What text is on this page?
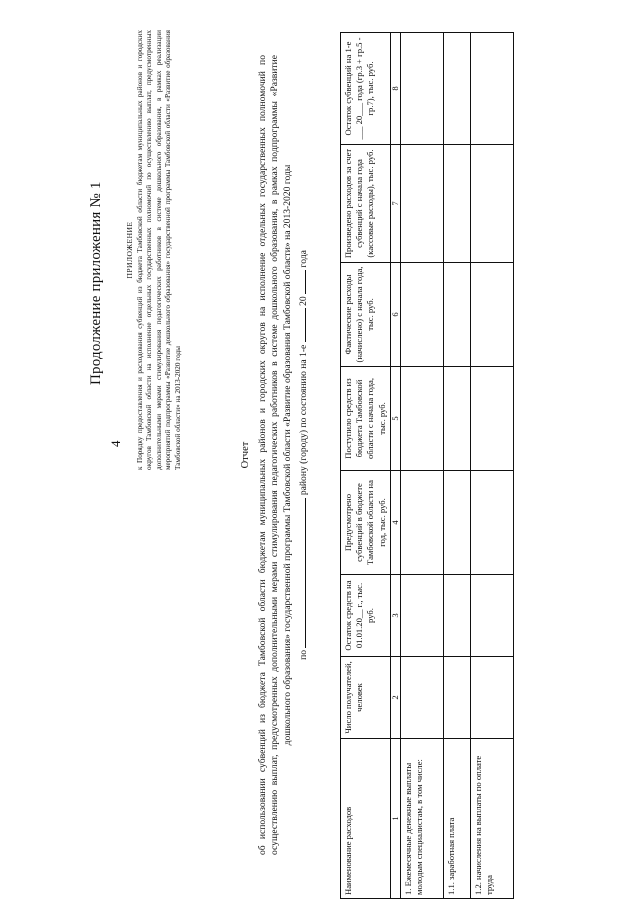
4
Продолжение приложения № 1	ПРИЛОЖЕНИЕ к Порядку предоставления и расходования субвенций из бюджета Тамбовской области бюджетам муниципальных районов и городских округов Тамбовской области на исполнение отдельных государственных полномочий по осуществлению выплат, предусмотренных дополнительными мерами стимулирования педагогических работников в системе дошкольного образования, в рамках реализации мероприятий подпрограммы «Развитие дошкольного образования» государственной программы Тамбовской области «Развитие образования Тамбовской области» на 2013-2020 годы	Отчет об использовании субвенций из бюджета Тамбовской области бюджетам муниципальных районов и городских округов на исполнение отдельных государственных полномочий по осуществлению выплат, предусмотренных дополнительными мерами стимулирования педагогических работников в системе дошкольного образования, в рамках подпрограммы «Развитие дошкольного образования» государственной программы Тамбовской области «Развитие образования Тамбовской области» на 2013-2020 годы по  району (городу) по состоянию на 1-е  20  года
Наименование расходов	Число получателей, человек	Остаток средств на 01.01.20__ г., тыс. руб.	Предусмотрено субвенций в бюджете Тамбовской области на год, тыс. руб.	Поступило средств из бюджета Тамбовской области с начала года, тыс. руб.	Фактические расходы (начислено) с начала года, тыс. руб.	Произведено расходов за счет субвенций с начала года (кассовые расходы), тыс. руб.	Остаток субвенций на 1-е ___ 20___ года (гр.3 + гр.5 - гр.7), тыс. руб.
1	2	3	4	5	6	7	8
1. Ежемесячные денежные выплаты молодым специалистам, в том числе:							
1.1. заработная плата							
1.2. начисления на выплаты по оплате труда							
